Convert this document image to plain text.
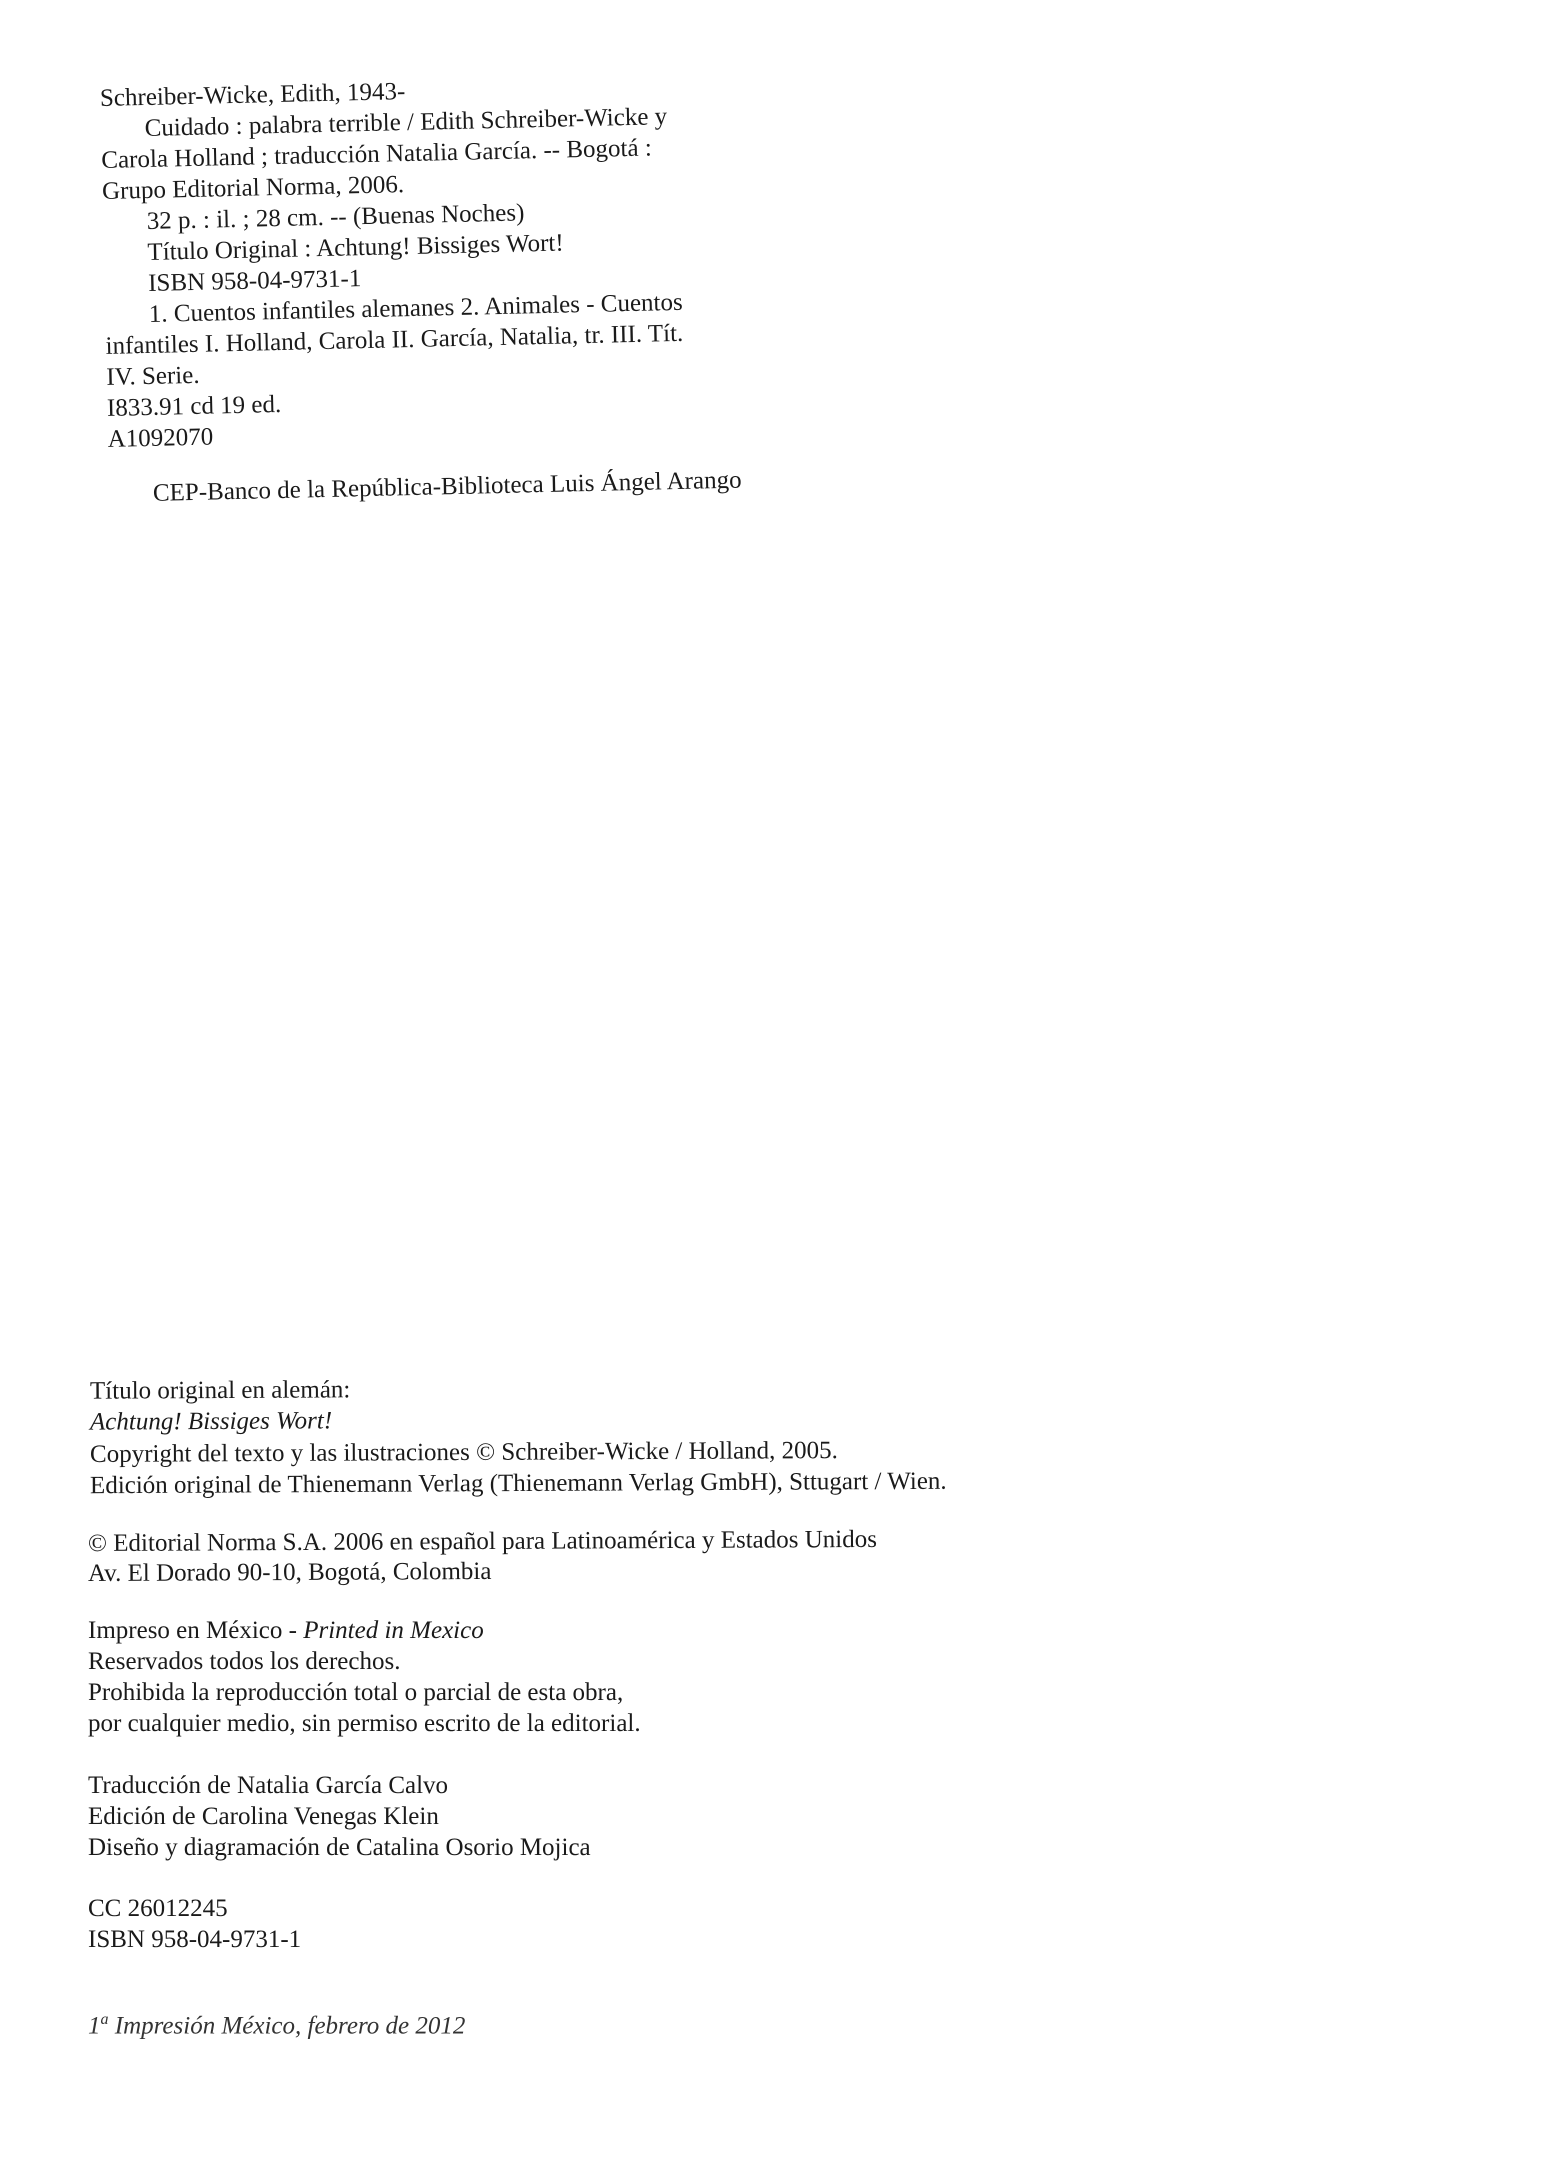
Schreiber-Wicke, Edith, 1943-
Cuidado : palabra terrible / Edith Schreiber-Wicke y
Carola Holland ; traducción Natalia García. -- Bogotá :
Grupo Editorial Norma, 2006.
32 p. : il. ; 28 cm. -- (Buenas Noches)
Título Original : Achtung! Bissiges Wort!
ISBN 958-04-9731-1
1. Cuentos infantiles alemanes 2. Animales - Cuentos
infantiles I. Holland, Carola II. García, Natalia, tr. III. Tít.
IV. Serie.
I833.91 cd 19 ed.
A1092070
CEP-Banco de la República-Biblioteca Luis Ángel Arango
Título original en alemán:
Achtung! Bissiges Wort!
Copyright del texto y las ilustraciones © Schreiber-Wicke / Holland, 2005.
Edición original de Thienemann Verlag (Thienemann Verlag GmbH), Sttugart / Wien.
© Editorial Norma S.A. 2006 en español para Latinoamérica y Estados Unidos
Av. El Dorado 90-10, Bogotá, Colombia
Impreso en México - Printed in Mexico
Reservados todos los derechos.
Prohibida la reproducción total o parcial de esta obra,
por cualquier medio, sin permiso escrito de la editorial.
Traducción de Natalia García Calvo
Edición de Carolina Venegas Klein
Diseño y diagramación de Catalina Osorio Mojica
CC 26012245
ISBN 958-04-9731-1
1$^a$ Impresión México, febrero de 2012
